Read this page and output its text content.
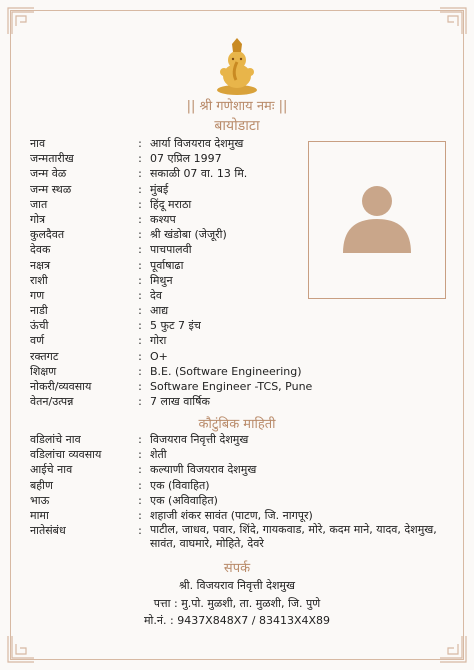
|| श्री गणेशाय नमः ||
बायोडाटा
नाव	: आर्या विजयराव देशमुख
जन्मतारीख	: 07 एप्रिल 1997
जन्म वेळ	: सकाळी 07 वा. 13 मि.
जन्म स्थळ	: मुंबई
जात	: हिंदू मराठा
गोत्र	: कश्यप
कुलदैवत	: श्री खंडोबा (जेजूरी)
देवक	: पाचपालवी
नक्षत्र	: पूर्वाषाढा
राशी	: मिथुन
गण	: देव
नाडी	: आद्य
ऊंची	: 5 फुट 7 इंच
वर्ण	: गोरा
रक्तगट	: O+
शिक्षण	: B.E. (Software Engineering)
नोकरी/व्यवसाय	: Software Engineer -TCS, Pune
वेतन/उत्पन्न	: 7 लाख वार्षिक
कौटुंबिक माहिती
वडिलांचे नाव	: विजयराव निवृत्ती देशमुख
वडिलांचा व्यवसाय	: शेती
आईचे नाव	: कल्याणी विजयराव देशमुख
बहीण	: एक (विवाहित)
भाऊ	: एक (अविवाहित)
मामा	: शहाजी शंकर सावंत (पाटण, जि. नागपूर)
नातेसंबंध	: पाटील, जाधव, पवार, शिंदे, गायकवाड, मोरे, कदम माने, यादव, देशमुख, सावंत, वाघमारे, मोहिते, देवरे
संपर्क
श्री. विजयराव निवृत्ती देशमुख
पत्ता : मु.पो. मुळशी, ता. मुळशी, जि. पुणे
मो.नं. : 9437X848X7 / 83413X4X89
